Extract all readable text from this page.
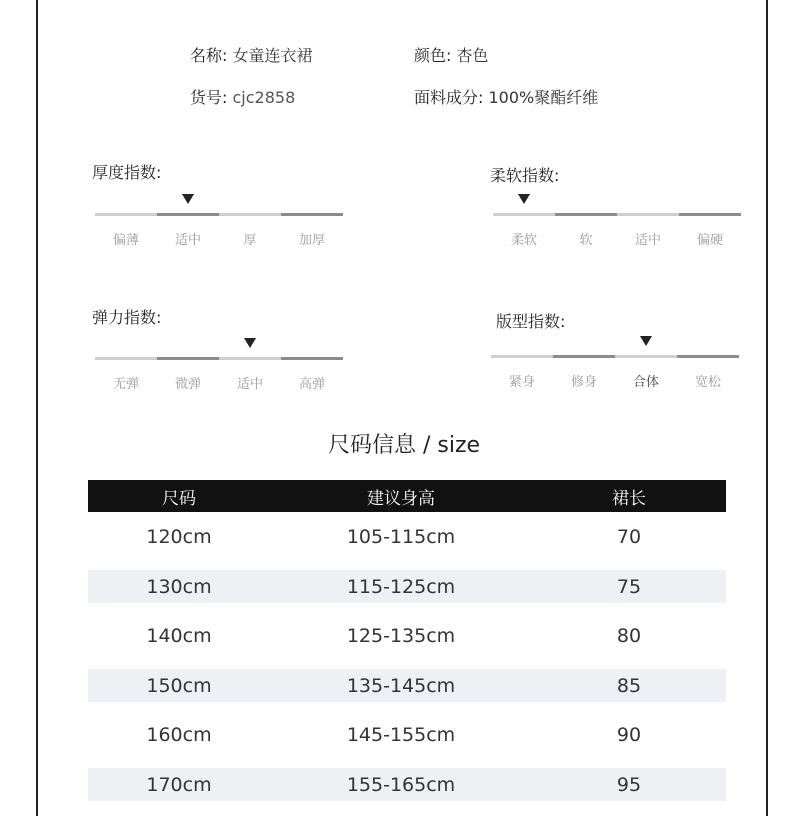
名称: 女童连衣裙	颜色: 杏色
货号: cjc2858	面料成分: 100%聚酯纤维
厚度指数:
偏薄	适中	厚	加厚
柔软指数:
柔软	软	适中	偏硬
弹力指数:
无弹	微弹	适中	高弹
版型指数:
紧身	修身	合体	宽松
尺码信息 / size
尺码	建议身高	裙长
120cm	105-115cm	70
130cm	115-125cm	75
140cm	125-135cm	80
150cm	135-145cm	85
160cm	145-155cm	90
170cm	155-165cm	95
